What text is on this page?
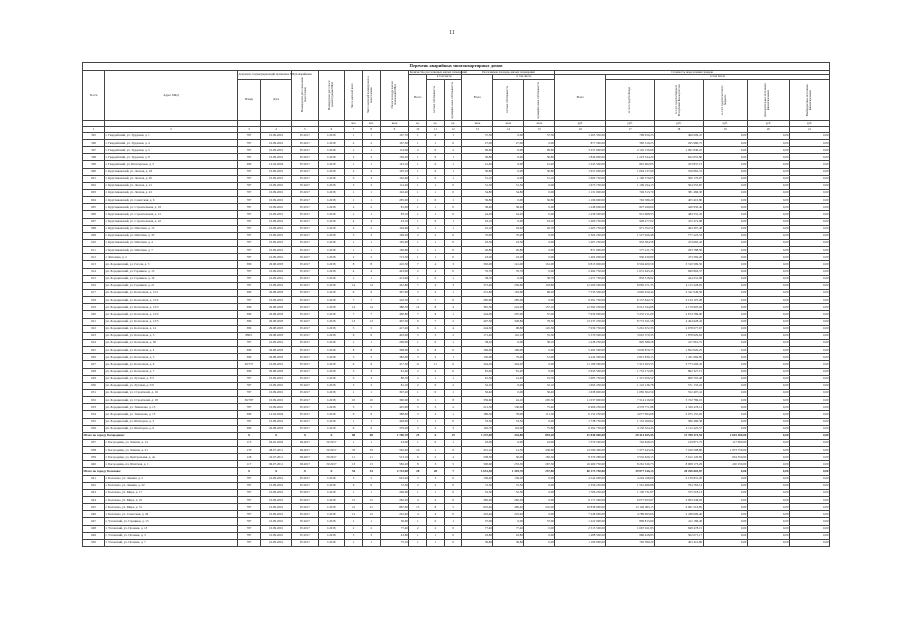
11
Перечень аварийных многоквартирных домов																				
№ п/п	Адрес МКД	Документ, подтверждающий признание МКД аварийным		Планируемая дата окончания переселения	Планируемая дата сноса/ реконструкции МКД	Число жителей всего	Число жителей планируемых к переселению	Общая площадь жилых помещений МКД	Количество расселяемых жилых помещений			Расселяемая площадь жилых помещений			Стоимость переселения граждан					
									Всего	в том числе		Всего	в том числе		Всего	в том числе				
		Номер	Дата							частная собственность	муниципальная собственность		частная собственность	муниципальная собственность		за счет средств Фонда	за счет средств бюджета Республики Башкортостан	за счет средств местного бюджета	Дополнительные источники финансирования	Внебюджетные источники финансирования

						чел.	чел.	кв.м	ед.	ед.	ед.	кв.м	кв.м	кв.м	руб.	руб.	руб.	руб.	руб.	руб.
1	2	3	4	5	6	7	8	9	10	11	12	13	14	15	16	17	18	19	20	21
595	г. Гвардейский, ул. Трудовая, д. 1	787	10.09.2001	IV.2017	I.2018	1	1	107,70	1	0	1	37,30	0,00	37,30	1 265 350,00	799 050,23	466 099,47	0,00	0,00	0,00
596	г. Гвардейский, ул. Трудовая, д. 4	787	10.09.2001	IV.2017	I.2018	2	2	107,30	1	1	0	27,00	27,00	0,00	877 500,00	585 519,25	295 980,75	0,00	0,00	0,00
597	г. Гвардейский, ул. Трудовая, д. 5	787	10.09.2001	IV.2017	I.2018	1	1	114,00	2	0	2	99,60	0,00	99,60	3 237 000,00	2 145 159,90	1 091 840,10	0,00	0,00	0,00
598	г. Гвардейский, ул. Трудовая, д. 8	787	10.09.2001	IV.2017	I.2018	2	2	139,20	1	0	1	36,80	0,00	36,80	1 846 000,00	1 223 344,20	622 655,80	0,00	0,00	0,00
599	г. Гвардейский, ул. Шахтерская, д. 3	280	12.04.2004	IV.2017	I.2018	1	1	143,10	1	0	1	41,40	0,00	41,40	1 345 500,00	891 662,85	453 837,15	0,00	0,00	0,00
600	г. Кругликовский, ул. Лесная, д. 18	787	10.09.2001	IV.2017	I.2018	2	2	105,10	1	0	1	30,80	0,00	30,80	1 651 000,00	1 094 137,69	556 862,31	0,00	0,00	0,00
601	г. Кругликовский, ул. Лесная, д. 20	787	10.09.2001	IV.2017	I.2018	3	3	102,60	1	0	1	51,10	0,00	51,10	1 660 750,00	1 100 579,03	560 170,97	0,00	0,00	0,00
602	г. Кругликовский, ул. Лесная, д. 21	787	10.09.2001	IV.2017	I.2018	3	3	114,20	1	1	0	51,50	51,50	0,00	1 673 750,00	1 109 194,13	564 555,87	0,00	0,00	0,00
603	г. Кругликовский, ул. Лесная, д. 22	787	10.09.2001	IV.2017	I.2018	1	1	102,40	1	1	0	34,80	34,80	0,00	1 131 000,00	749 513,70	381 486,30	0,00	0,00	0,00
604	г. Кругликовский, ул. Советская, д. 6	787	10.09.2001	IV.2017	I.2018	1	1	285,00	1	0	1	36,80	0,00	36,80	1 196 000,00	792 589,20	403 410,80	0,00	0,00	0,00
605	г. Кругликовский, ул. Строительная, д. 18	787	10.09.2001	IV.2017	I.2018	2	2	81,00	1	1	0	38,40	38,40	0,00	1 248 000,00	827 049,60	420 950,40	0,00	0,00	0,00
606	г. Кругликовский, ул. Строительная, д. 21	787	10.09.2001	IV.2017	I.2018	1	1	83,10	1	1	0	44,20	44,20	0,00	1 436 500,00	951 968,55	484 531,45	0,00	0,00	0,00
607	г. Кругликовский, ул. Строительная, д. 22	787	10.09.2001	IV.2017	I.2018	4	4	43,10	1	0	1	43,10	0,00	43,10	1 400 750,00	928 277,02	472 472,98	0,00	0,00	0,00
608	г. Кругликовский, ул. Шахтная, д. 13	787	10.09.2001	IV.2017	I.2018	2	2	194,60	2	1	1	45,10	18,40	26,70	1 465 750,00	971 352,52	494 397,48	0,00	0,00	0,00
609	г. Кругликовский, ул. Шахтная, д. 33	787	10.09.2001	IV.2017	I.2018	3	3	199,20	2	2	0	70,90	70,90	0,00	2 304 250,00	1 527 026,48	777 223,52	0,00	0,00	0,00
610	г. Кругликовский, ул. Шахтная, д. 4	787	10.09.2001	IV.2017	I.2018	1	1	105,00	1	1	0	43,30	43,30	0,00	1 407 250,00	932 584,58	474 665,42	0,00	0,00	0,00
611	г. Кругликовский, ул. Шахтная, д. 7	787	10.09.2001	IV.2017	I.2018	1	1	106,80	1	1	0	26,80	26,80	0,00	871 000,00	577 211,70	293 788,30	0,00	0,00	0,00
612	г. Фатеевка, д. 2	787	10.09.2001	IV.2017	I.2018	2	2	713,50	1	1	0	43,20	43,20	0,00	1 404 000,00	930 430,80	473 569,20	0,00	0,00	0,00
613	рп. Бородинский, ул. Гоголя, д. 5	380	29.08.2003	IV.2017	I.2018	8	8	410,50	7	4	3	302,00	141,00	161,00	9 815 000,00	6 504 400,50	3 310 599,50	0,00	0,00	0,00
614	рп. Бородинский, ул. Горняков, д. 13	787	10.09.2001	IV.2017	I.2018	4	4	423,90	2	2	0	76,70	76,70	0,00	2 492 750,00	1 651 945,43	840 804,57	0,00	0,00	0,00
615	рп. Бородинский, ул. Горняков, д. 19	787	10.09.2001	IV.2017	I.2018	1	1	413,90	1	0	1	38,70	0,00	38,70	1 257 750,00	833 518,92	424 231,08	0,00	0,00	0,00
616	рп. Бородинский, ул. Горняков, д. 21	787	10.09.2001	IV.2017	I.2018	14	14	422,80	7	4	3	375,40	256,60	118,80	12 200 500,00	8 085 271,35	4 115 228,65	0,00	0,00	0,00
617	рп. Бородинский, ул. Колхозная, д. 12/1	380	29.08.2003	IV.2017	I.2018	9	9	397,90	5	4	1	231,80	163,60	68,20	7 533 500,00	4 992 450,44	2 541 049,56	0,00	0,00	0,00
618	рп. Бородинский, ул. Колхозная, д. 12/2	787	10.09.2001	IV.2017	I.2018	7	7	416,50	7	7	0	285,90	285,90	0,00	9 291 750,00	6 157 642,72	3 134 107,28	0,00	0,00	0,00
619	рп. Бородинский, ул. Колхозная, д. 12/3	380	29.08.2003	IV.2017	I.2018	14	14	386,30	12	8	4	381,30	224,20	157,10	12 392 250,00	8 212 344,08	4 179 905,92	0,00	0,00	0,00
620	рп. Бородинский, ул. Колхозная, д. 12/4	380	29.08.2003	IV.2017	I.2018	7	7	400,80	7	6	1	244,00	207,00	37,00	7 930 000,00	5 255 211,00	2 674 789,00	0,00	0,00	0,00
621	рп. Бородинский, ул. Колхозная, д. 12/5	380	29.08.2003	IV.2017	I.2018	13	13	407,30	9	7	2	407,30	328,80	78,50	13 237 250,00	8 772 321,58	4 464 928,42	0,00	0,00	0,00
622	рп. Бородинский, ул. Колхозная, д. 14	380	29.08.2003	IV.2017	I.2018	5	5	417,40	6	2	4	244,30	98,80	145,50	7 939 750,00	5 261 672,33	2 678 077,67	0,00	0,00	0,00
623	рп. Бородинский, ул. Колхозная, д. 3	880/1	29.08.2003	IV.2017	I.2018	6	6	403,00	5	3	2	171,40	116,10	55,30	5 570 500,00	3 691 570,35	1 878 929,65	0,00	0,00	0,00
624	рп. Бородинский, ул. Колхозная, д. 36	787	10.09.2001	IV.2017	I.2018	1	1	206,00	1	0	1	38,10	0,00	38,10	1 238 250,00	820 588,28	417 661,72	0,00	0,00	0,00
625	рп. Бородинский, ул. Колхозная, д. 4	380	29.08.2003	IV.2017	I.2018	8	8	398,60	6	6	0	169,00	169,00	0,00	5 492 500,00	3 639 879,75	1 852 620,25	0,00	0,00	0,00
626	рп. Бородинский, ул. Колхозная, д. 5	380	29.08.2003	IV.2017	I.2018	5	5	382,00	3	2	1	130,00	79,00	51,00	4 244 500,00	2 812 830,15	1 431 669,85	0,00	0,00	0,00
627	рп. Бородинский, ул. Колхозная, д. 6	20/757	10.09.2001	IV.2017	I.2018	9	9	417,50	11	11	0	344,20	344,20	0,00	11 186 500,00	7 413 293,55	3 773 206,45	0,00	0,00	0,00
628	рп. Бородинский, ул. Колхозная, д. 7	380	29.08.2003	IV.2017	I.2018	3	3	81,40	2	2	0	81,40	81,40	0,00	2 645 500,00	1 753 172,85	892 327,15	0,00	0,00	0,00
629	рп. Бородинский, ул. Луговая, д. 3/3	787	10.09.2001	IV.2017	I.2018	3	3	80,70	2	1	1	61,30	41,40	19,70	1 985 750,00	1 315 956,52	669 793,48	0,00	0,00	0,00
630	рп. Бородинский, ул. Луговая, д. 5/9	787	10.09.2001	IV.2017	I.2018	3	3	81,10	2	0	2	52,10	0,00	52,10	1 693 250,00	1 122 136,78	571 133,22	0,00	0,00	0,00
631	рп. Бородинский, ул. Строителей, д. 16	787	10.09.2001	IV.2017	I.2018	1	1	397,20	1	0	1	50,40	0,00	50,40	1 638 000,00	1 085 502,59	552 497,41	0,00	0,00	0,00
632	рп. Бородинский, ул. Строителей, д. 18	36/787	10.09.2001	IV.2017	I.2018	10	10	390,90	9	1	8	339,60	44,10	295,50	11 037 000,00	7 314 219,90	3 722 780,10	0,00	0,00	0,00
633	рп. Бородинский, ул. Тимонова, д. 13	787	10.09.2001	IV.2017	I.2018	5	5	425,90	5	3	2	212,30	136,90	75,40	6 906 250,00	4 576 771,88	2 329 478,12	0,00	0,00	0,00
634	рп. Бородинский, ул. Тимонова, д. 15	380	12.04.2004	IV.2017	I.2018	9	9	388,60	3	2	1	189,30	78,00	111,30	6 152 250,00	4 077 094,08	2 075 155,92	0,00	0,00	0,00
635	рп. Бородинский, ул. Шахтеров, д. 3	787	10.09.2001	IV.2017	I.2018	1	1	428,00	1	1	0	53,50	53,50	0,00	1 738 750,00	1 152 269,62	586 480,38	0,00	0,00	0,00
636	рп. Бородинский, ул. Шахтеров, д. 9	380	29.08.2003	IV.2017	I.2018	9	9	379,20	5	2	3	192,70	116,90	75,80	6 262 750,00	4 150 324,43	2 112 425,57	0,00	0,00	0,00
Итого по городу Богородицк:		X	X	X	X	68	68	1 700,70	25	6	19	1 237,00	343,80	893,20	41 840 000,00	28 414 025,45	13 788 474,55	2 645 500,00	0,00	0,00
637	г. Богородицк, ул. Ленина, д. 14	115	04.02.2002	III.2017	IV.2017	1	1	43,00	1	0	1	43,00	0,00	43,00	1 379 500,00	742 628,23	219 871,75	117 000,00	0,00	0,00
638	г. Богородицк, ул. Ленина, д. 21	170	28.07.2011	III.2017	IV.2017	33	33	562,40	10	1	9	451,10	14,50	436,60	14 599 300,00	7 477 443,26	7 160 508,60	1 673 750,00	0,00	0,00
639	г. Богородицк, ул. Центральная, д. 4а	126	19.07.2011	III.2017	IV.2017	11	11	513,10	6	2	4	238,30	56,00	182,30	8 379 280,00	3 532 629,13	3 012 120,85	634 550,00	0,00	0,00
640	г. Богородицк, пл. Шахтная, д. 1	117	09.07.2011	III.2017	IV.2017	13	13	582,20	8	3	5	500,60	233,30	267,30	16 469 750,00	8 261 326,73	8 008 173,29	220 250,00	0,00	0,00
Итого по городу Болохово:		X	X	X	X	54	54	2 743,00	28	28	7	1 651,50	1 493,70	257,80	60 173 750,00	39 877 146,13	20 296 603,87	0,00	0,00	0,00
641	г. Болохово, ул. Ленина, д. 2	787	10.09.2001	IV.2017	I.2018	5	5	623,20	3	3	0	139,20	139,20	0,00	4 544 000,00	4 204 168,00	2 139 831,20	0,00	0,00	0,00
642	г. Болохово, ул. Ленина, д. 32	787	10.09.2001	IV.2017	I.2018	6	6	72,50	2	2	0	72,50	72,50	0,00	2 356 250,00	1 561 486,88	794 763,12	0,00	0,00	0,00
643	г. Болохово, ул. Мира, д. 17	787	10.09.2001	IV.2017	I.2018	1	1	206,60	1	1	0	52,50	52,50	0,00	1 706 250,00	1 130 731,87	575 518,13	0,00	0,00	0,00
644	г. Болохово, ул. Мира, д. 25	787	10.09.2001	IV.2017	I.2018	15	15	282,20	4	4	0	282,20	282,20	0,00	9 171 500,00	6 077 953,07	3 093 546,93	0,00	0,00	0,00
645	г. Болохово, ул. Мира, д. 31	787	10.09.2001	IV.2017	I.2018	21	21	867,60	13	8	5	610,40	400,40	210,00	19 838 000,00	13 146 483,15	6 691 516,85	0,00	0,00	0,00
646	г. Болохово, ул. Советская, д. 26	787	10.09.2001	IV.2017	I.2018	12	12	222,40	4	4	0	222,40	222,40	0,00	7 228 000,00	4 789 993,60	2 438 006,40	0,00	0,00	0,00
647	г. Узловский, ул. Горняков, д. 13	787	10.09.2001	IV.2017	I.2018	1	1	36,60	1	0	1	37,00	0,00	37,00	1 222 900,00	809 813,60	412 186,40	0,00	0,00	0,00
648	г. Узловский, ул. Полевая, д. 13	787	10.09.2001	IV.2017	I.2018	2	2	77,40	2	2	0	77,40	77,40	0,00	2 515 500,00	1 667 021,85	848 478,15	0,00	0,00	0,00
649	г. Узловский, ул. Полевая, д. 3	787	10.09.2001	IV.2017	I.2018	3	3	43,80	1	1	0	43,80	43,80	0,00	1 488 500,00	986 428,83	502 071,17	0,00	0,00	0,00
650	г. Узловский, ул. Полевая, д. 7	787	10.09.2001	IV.2017	I.2018	1	1	75,10	1	1	0	36,80	36,80	0,00	1 196 000,00	792 589,20	403 410,80	0,00	0,00	0,00
